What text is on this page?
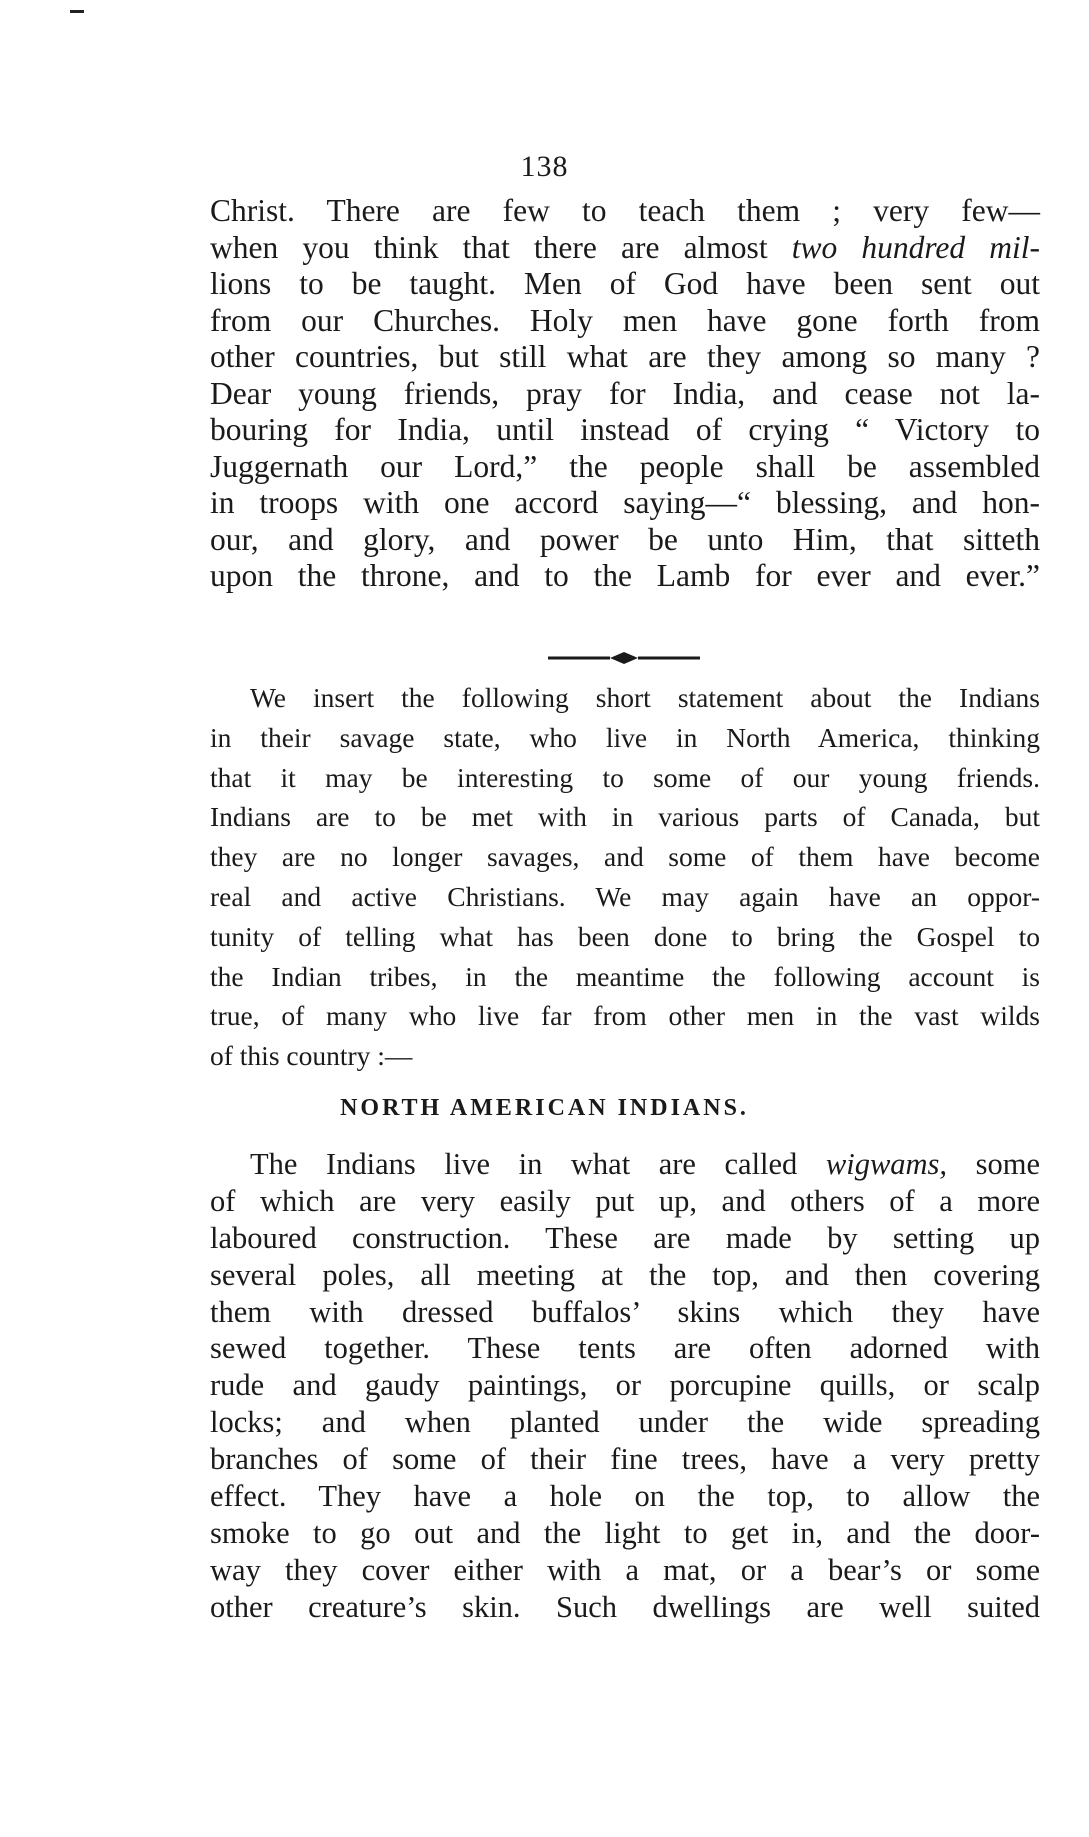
138
Christ. There are few to teach them ; very few—
when you think that there are almost two hundred mil-
lions to be taught. Men of God have been sent out
from our Churches. Holy men have gone forth from
other countries, but still what are they among so many ?
Dear young friends, pray for India, and cease not la-
bouring for India, until instead of crying “ Victory to
Juggernath our Lord,” the people shall be assembled
in troops with one accord saying—“ blessing, and hon-
our, and glory, and power be unto Him, that sitteth
upon the throne, and to the Lamb for ever and ever.”
We insert the following short statement about the Indians
in their savage state, who live in North America, thinking
that it may be interesting to some of our young friends.
Indians are to be met with in various parts of Canada, but
they are no longer savages, and some of them have become
real and active Christians. We may again have an oppor-
tunity of telling what has been done to bring the Gospel to
the Indian tribes, in the meantime the following account is
true, of many who live far from other men in the vast wilds
of this country :—
NORTH AMERICAN INDIANS.
The Indians live in what are called wigwams, some
of which are very easily put up, and others of a more
laboured construction. These are made by setting up
several poles, all meeting at the top, and then covering
them with dressed buffalos’ skins which they have
sewed together. These tents are often adorned with
rude and gaudy paintings, or porcupine quills, or scalp
locks; and when planted under the wide spreading
branches of some of their fine trees, have a very pretty
effect. They have a hole on the top, to allow the
smoke to go out and the light to get in, and the door-
way they cover either with a mat, or a bear’s or some
other creature’s skin. Such dwellings are well suited
